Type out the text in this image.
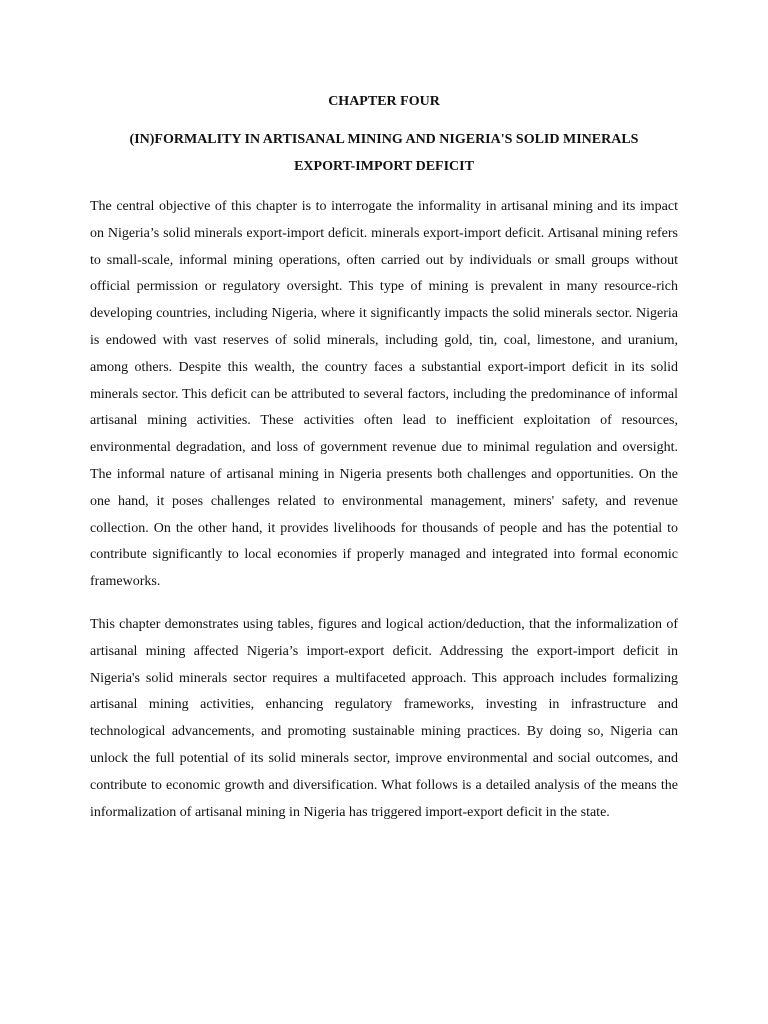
CHAPTER FOUR
(IN)FORMALITY IN ARTISANAL MINING AND NIGERIA'S SOLID MINERALS
EXPORT-IMPORT DEFICIT

The central objective of this chapter is to interrogate the informality in artisanal mining and its impact on Nigeria’s solid minerals export-import deficit. minerals export-import deficit. Artisanal mining refers to small-scale, informal mining operations, often carried out by individuals or small groups without official permission or regulatory oversight. This type of mining is prevalent in many resource-rich developing countries, including Nigeria, where it significantly impacts the solid minerals sector. Nigeria is endowed with vast reserves of solid minerals, including gold, tin, coal, limestone, and uranium, among others. Despite this wealth, the country faces a substantial export-import deficit in its solid minerals sector. This deficit can be attributed to several factors, including the predominance of informal artisanal mining activities. These activities often lead to inefficient exploitation of resources, environmental degradation, and loss of government revenue due to minimal regulation and oversight. The informal nature of artisanal mining in Nigeria presents both challenges and opportunities. On the one hand, it poses challenges related to environmental management, miners' safety, and revenue collection. On the other hand, it provides livelihoods for thousands of people and has the potential to contribute significantly to local economies if properly managed and integrated into formal economic frameworks.

This chapter demonstrates using tables, figures and logical action/deduction, that the informalization of artisanal mining affected Nigeria’s import-export deficit. Addressing the export-import deficit in Nigeria's solid minerals sector requires a multifaceted approach. This approach includes formalizing artisanal mining activities, enhancing regulatory frameworks, investing in infrastructure and technological advancements, and promoting sustainable mining practices. By doing so, Nigeria can unlock the full potential of its solid minerals sector, improve environmental and social outcomes, and contribute to economic growth and diversification. What follows is a detailed analysis of the means the informalization of artisanal mining in Nigeria has triggered import-export deficit in the state.
